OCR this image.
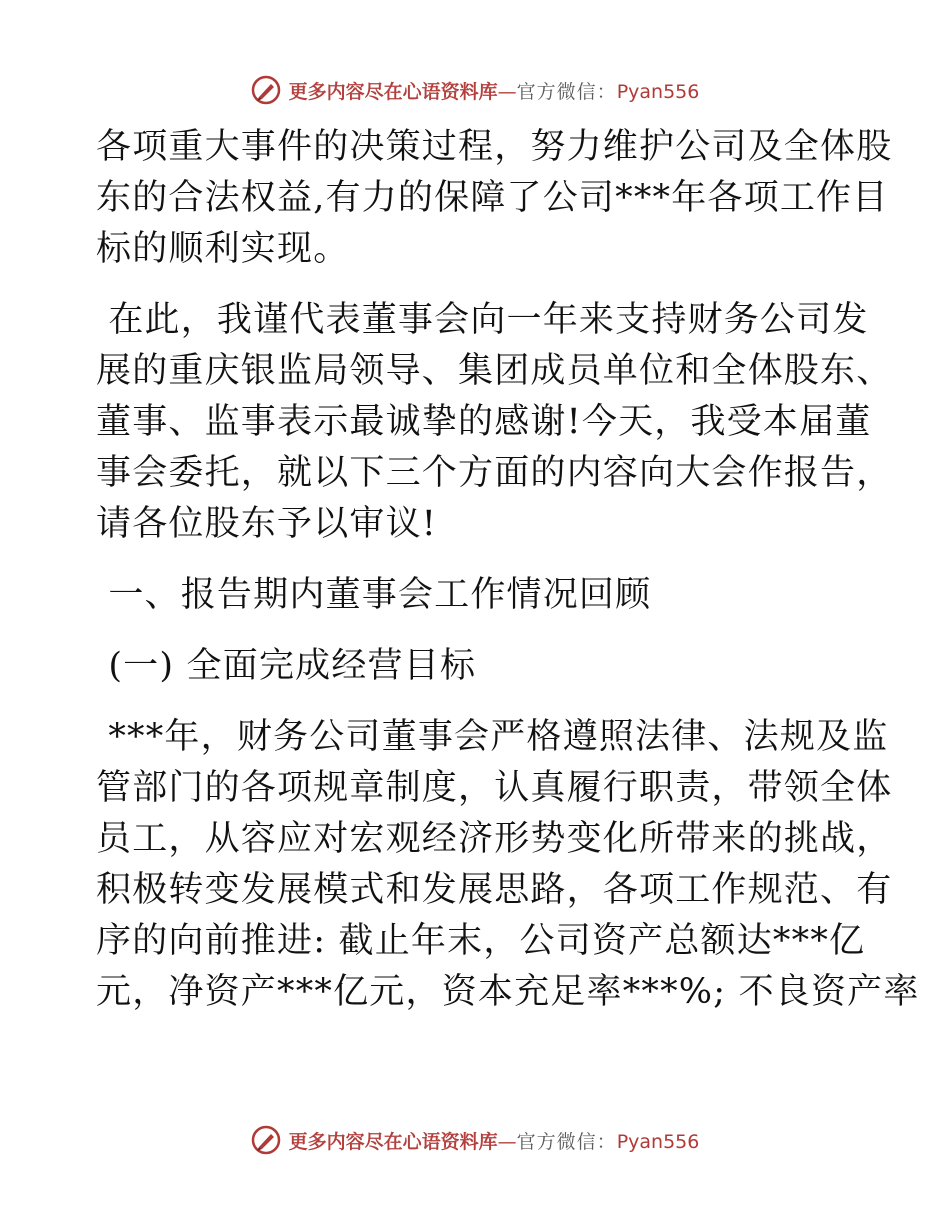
更多内容尽在心语资料库—官方微信：Pyan556

各项重大事件的决策过程，努力维护公司及全体股
东的合法权益,有力的保障了公司***年各项工作目
标的顺利实现。

在此，我谨代表董事会向一年来支持财务公司发
展的重庆银监局领导、集团成员单位和全体股东、
董事、监事表示最诚挚的感谢!今天，我受本届董
事会委托，就以下三个方面的内容向大会作报告，
请各位股东予以审议!

一、报告期内董事会工作情况回顾

(一) 全面完成经营目标

***年，财务公司董事会严格遵照法律、法规及监
管部门的各项规章制度，认真履行职责，带领全体
员工，从容应对宏观经济形势变化所带来的挑战，
积极转变发展模式和发展思路，各项工作规范、有
序的向前推进: 截止年末，公司资产总额达***亿
元，净资产***亿元，资本充足率***%; 不良资产率

更多内容尽在心语资料库—官方微信：Pyan556
